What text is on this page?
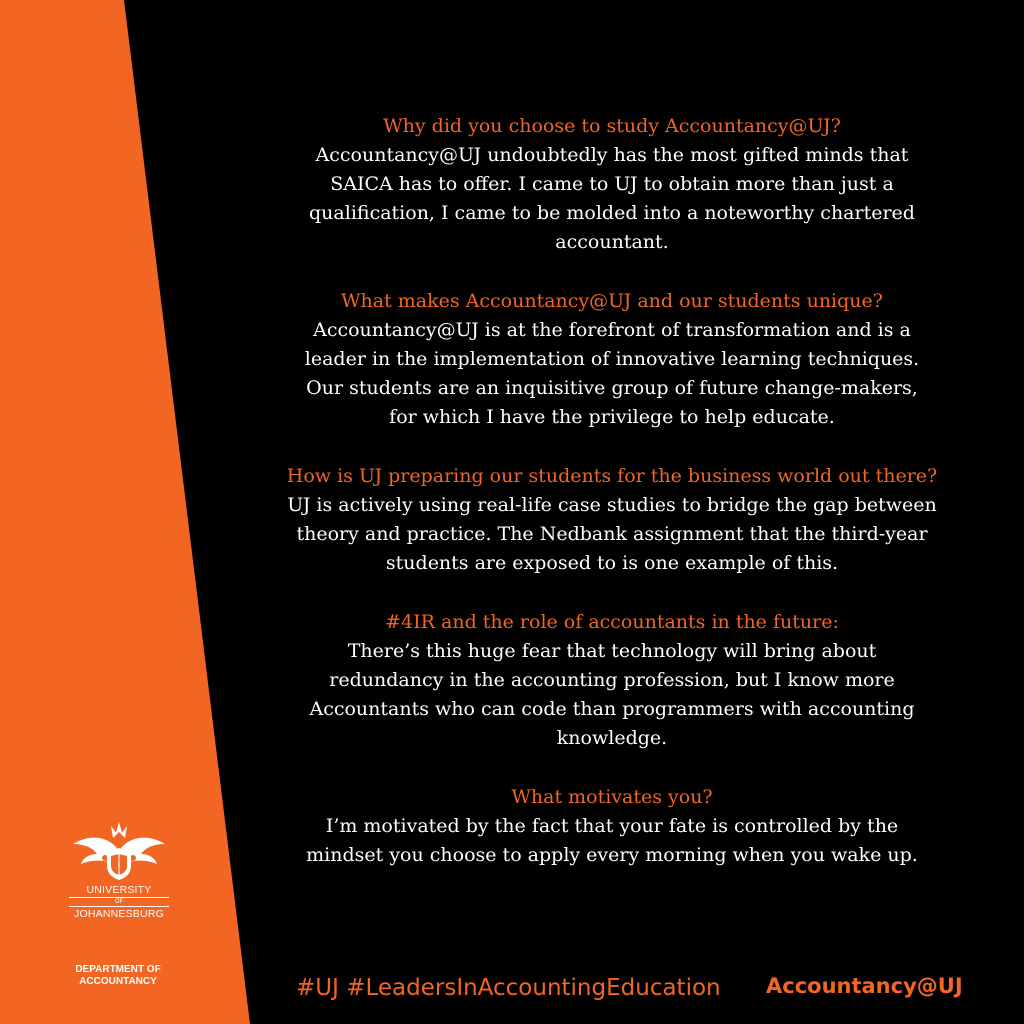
Why did you choose to study Accountancy@UJ?

Accountancy@UJ undoubtedly has the most gifted minds that
SAICA has to offer. I came to UJ to obtain more than just a
qualification, I came to be molded into a noteworthy chartered
accountant.

What makes Accountancy@UJ and our students unique?

Accountancy@UJ is at the forefront of transformation and is a
leader in the implementation of innovative learning techniques.
Our students are an inquisitive group of future change-makers,
for which I have the privilege to help educate.

How is UJ preparing our students for the business world out there?

UJ is actively using real-life case studies to bridge the gap between
theory and practice. The Nedbank assignment that the third-year
students are exposed to is one example of this.

#4IR and the role of accountants in the future:

There’s this huge fear that technology will bring about
redundancy in the accounting profession, but I know more
Accountants who can code than programmers with accounting
knowledge.

What motivates you?

I’m motivated by the fact that your fate is controlled by the
mindset you choose to apply every morning when you wake up.

UNIVERSITY
OF
JOHANNESBURG
DEPARTMENT OF
ACCOUNTANCY	#UJ #LeadersInAccountingEducation Accountancy@UJ
